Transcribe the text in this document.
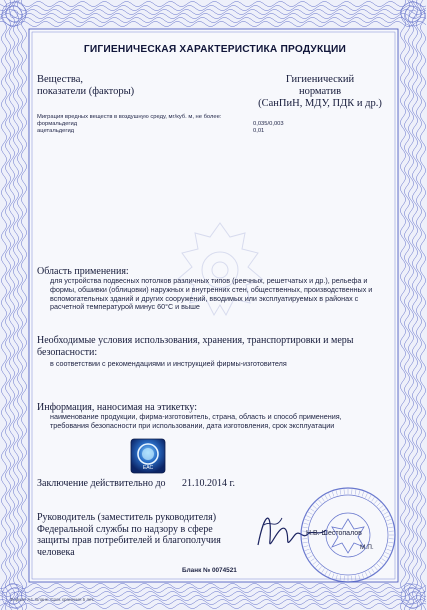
ГИГИЕНИЧЕСКАЯ ХАРАКТЕРИСТИКА ПРОДУКЦИИ
Вещества,
показатели (факторы)
Гигиенический
норматив
(СанПиН, МДУ, ПДК и др.)
Миграция вредных веществ в воздушную среду, мг/куб. м, не более:
формальдегид
ацетальдегид
0,035/0,003
0,01
Область применения:
для устройства подвесных потолков различных типов (реечных, решетчатых и др.), рельефа и формы, обшивки (облицовки) наружных и внутренних стен, общественных, производственных и вспомогательных зданий и других сооружений, вводимых или эксплуатируемых в районах с расчетной температурой минус 60°С и выше
Необходимые условия использования, хранения, транспортировки и меры безопасности:
в соответствии с рекомендациями и инструкцией фирмы-изготовителя
Информация, наносимая на этикетку:
наименование продукции, фирма-изготовитель, страна, область и способ применения, требования безопасности при использовании, дата изготовления, срок эксплуатации
EAC
Заключение действительно до 21.10.2014 г.
Руководитель (заместитель руководителя) Федеральной службы по надзору в сфере защиты прав потребителей и благополучия человека
Н.В. Шестопалов
М.П.
Бланк № 0074521
Формат А4. Бланк. Срок хранения 5 лет.
